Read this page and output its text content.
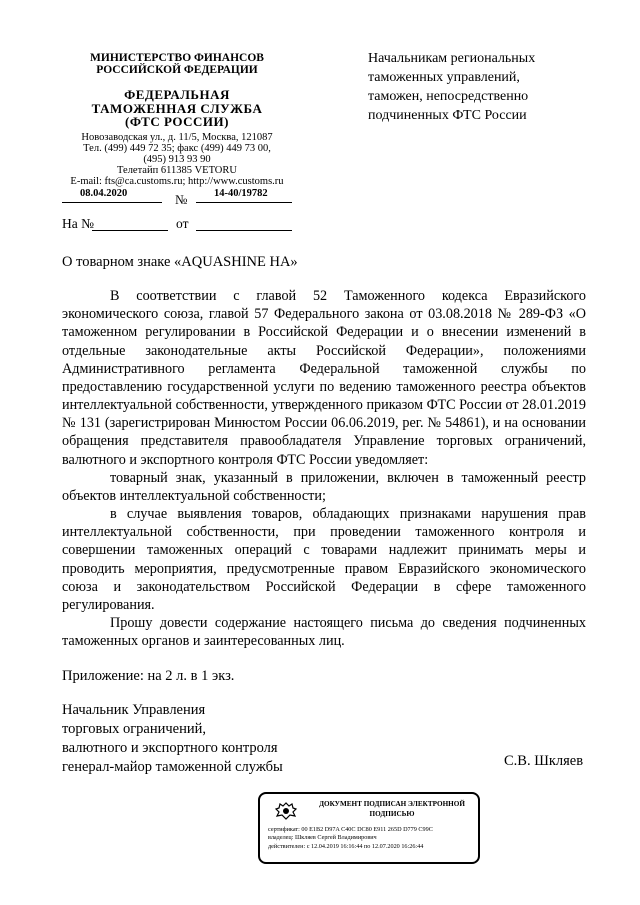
МИНИСТЕРСТВО ФИНАНСОВ
РОССИЙСКОЙ ФЕДЕРАЦИИ
ФЕДЕРАЛЬНАЯ
ТАМОЖЕННАЯ СЛУЖБА
(ФТС РОССИИ)
Новозаводская ул., д. 11/5, Москва, 121087
Тел. (499) 449 72 35; факс (499) 449 73 00,
(495) 913 93 90
Телетайп 611385 VETORU
E-mail: fts@ca.customs.ru; http://www.customs.ru
08.04.2020	№	14-40/19782
На №	от
Начальникам региональных
таможенных управлений,
таможен, непосредственно
подчиненных ФТС России
О товарном знаке «AQUASHINE HA»

В соответствии с главой 52 Таможенного кодекса Евразийского экономического союза, главой 57 Федерального закона от 03.08.2018 № 289-ФЗ «О таможенном регулировании в Российской Федерации и о внесении изменений в отдельные законодательные акты Российской Федерации», положениями Административного регламента Федеральной таможенной службы по предоставлению государственной услуги по ведению таможенного реестра объектов интеллектуальной собственности, утвержденного приказом ФТС России от 28.01.2019 № 131 (зарегистрирован Минюстом России 06.06.2019, рег. № 54861), и на основании обращения представителя правообладателя Управление торговых ограничений, валютного и экспортного контроля ФТС России уведомляет:

товарный знак, указанный в приложении, включен в таможенный реестр объектов интеллектуальной собственности;

в случае выявления товаров, обладающих признаками нарушения прав интеллектуальной собственности, при проведении таможенного контроля и совершении таможенных операций с товарами надлежит принимать меры и проводить мероприятия, предусмотренные правом Евразийского экономического союза и законодательством Российской Федерации в сфере таможенного регулирования.

Прошу довести содержание настоящего письма до сведения подчиненных таможенных органов и заинтересованных лиц.

Приложение: на 2 л. в 1 экз.
Начальник Управления
торговых ограничений,
валютного и экспортного контроля
генерал-майор таможенной службы	С.В. Шкляев
ДОКУМЕНТ ПОДПИСАН ЭЛЕКТРОННОЙ ПОДПИСЬЮ
сертификат: 00 E1B2 D97A C40C DC80 E911 265D D779 C99C
владелец: Шкляев Сергей Владимирович
действителен: с 12.04.2019 16:16:44 по 12.07.2020 16:26:44
